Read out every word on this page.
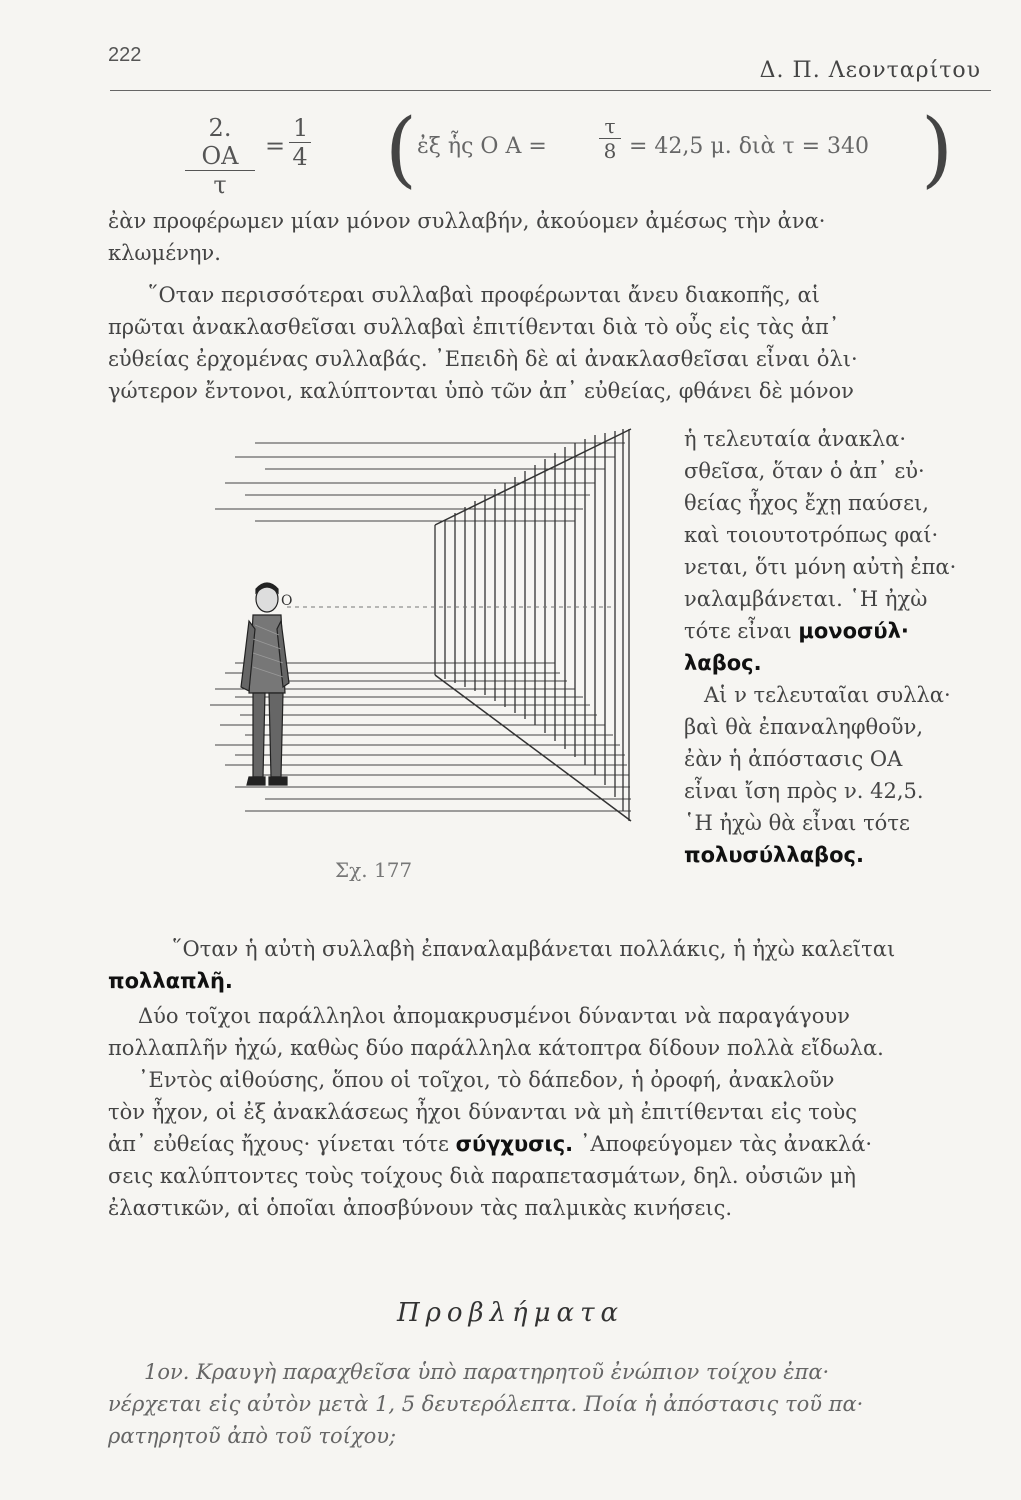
222
Δ. Π. Λεονταρίτου
$\frac{2. OA}{\tau} = \frac{1}{4}$ ( ἐξ ἧς Ο Α =	$\frac{\tau}{8} = 42,5$ μ. διὰ τ = 340 )
ἐὰν προφέρωμεν μίαν μόνον συλλαβήν, ἀκούομεν ἀμέσως τὴν ἀνα·
κλωμένην.
῞Οταν περισσότεραι συλλαβαὶ προφέρωνται ἄνευ διακοπῆς, αἱ
πρῶται ἀνακλασθεῖσαι συλλαβαὶ ἐπιτίθενται διὰ τὸ οὖς εἰς τὰς ἀπ᾿
εὐθείας ἐρχομένας συλλαβάς. ᾿Επειδὴ δὲ αἱ ἀνακλασθεῖσαι εἶναι ὀλι·
γώτερον ἔντονοι, καλύπτονται ὑπὸ τῶν ἀπ᾿ εὐθείας, φθάνει δὲ μόνον
Ο
Σχ. 177
ἡ τελευταία ἀνακλα·
σθεῖσα, ὅταν ὁ ἀπ᾿ εὐ·
θείας ἦχος ἔχῃ παύσει,
καὶ τοιουτοτρόπως φαί·
νεται, ὅτι μόνη αὐτὴ ἐπα·
ναλαμβάνεται. ῾Η ἠχὼ
τότε εἶναι μονοσύλ·
λαβος.
Αἱ ν τελευταῖαι συλλα·
βαὶ θὰ ἐπαναληφθοῦν,
ἐὰν ἡ ἀπόστασις ΟΑ
εἶναι ἴση πρὸς ν. 42,5.
῾Η ἠχὼ θὰ εἶναι τότε
πολυσύλλαβος.
῞Οταν ἡ αὐτὴ συλλαβὴ ἐπαναλαμβάνεται πολλάκις, ἡ ἠχὼ καλεῖται
πολλαπλῆ.
Δύο τοῖχοι παράλληλοι ἀπομακρυσμένοι δύνανται νὰ παραγάγουν
πολλαπλῆν ἠχώ, καθὼς δύο παράλληλα κάτοπτρα δίδουν πολλὰ εἴδωλα.
᾿Εντὸς αἰθούσης, ὅπου οἱ τοῖχοι, τὸ δάπεδον, ἡ ὀροφή, ἀνακλοῦν
τὸν ἦχον, οἱ ἐξ ἀνακλάσεως ἦχοι δύνανται νὰ μὴ ἐπιτίθενται εἰς τοὺς
ἀπ᾿ εὐθείας ἤχους· γίνεται τότε σύγχυσις. ᾿Αποφεύγομεν τὰς ἀνακλά·
σεις καλύπτοντες τοὺς τοίχους διὰ παραπετασμάτων, δηλ. οὐσιῶν μὴ
ἐλαστικῶν, αἱ ὁποῖαι ἀποσβύνουν τὰς παλμικὰς κινήσεις.
Προβλήματα
1ον. Κραυγὴ παραχθεῖσα ὑπὸ παρατηρητοῦ ἐνώπιον τοίχου ἐπα·
νέρχεται εἰς αὐτὸν μετὰ 1, 5 δευτερόλεπτα. Ποία ἡ ἀπόστασις τοῦ πα·
ρατηρητοῦ ἀπὸ τοῦ τοίχου;
